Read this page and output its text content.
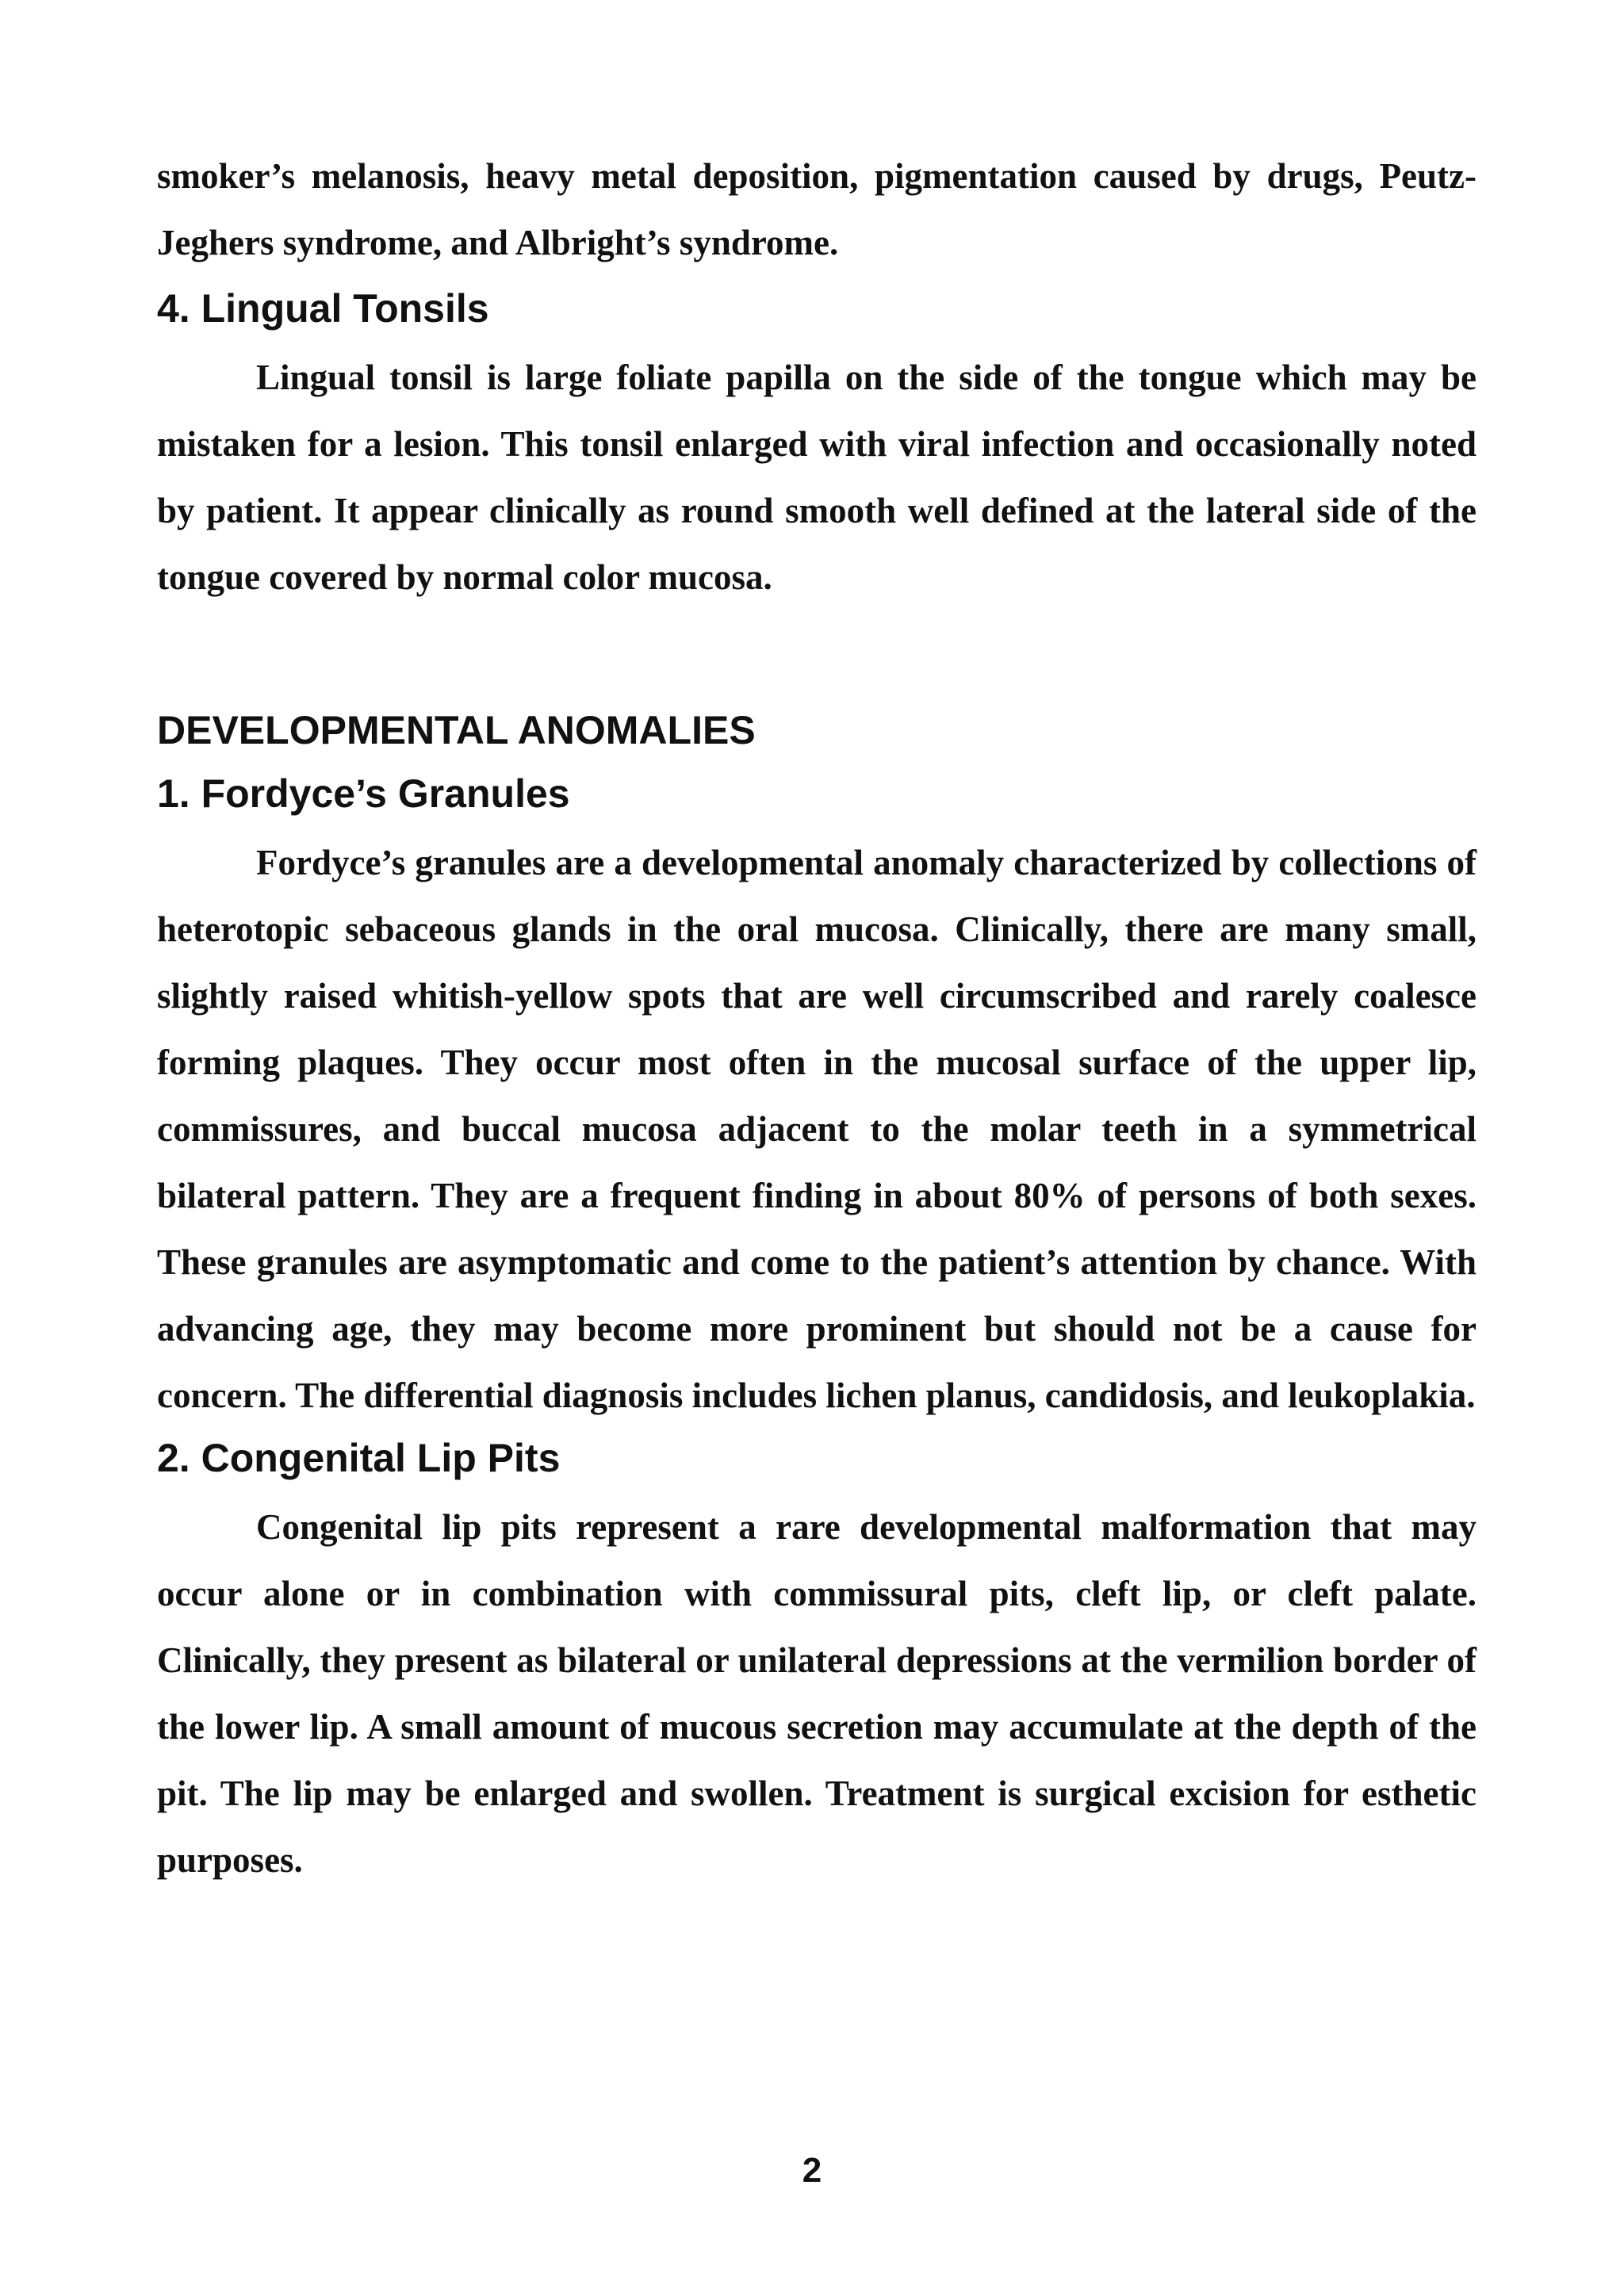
smoker’s melanosis, heavy metal deposition, pigmentation caused by drugs, Peutz-Jeghers syndrome, and Albright’s syndrome.

4. Lingual Tonsils

Lingual tonsil is large foliate papilla on the side of the tongue which may be mistaken for a lesion. This tonsil enlarged with viral infection and occasionally noted by patient. It appear clinically as round smooth well defined at the lateral side of the tongue covered by normal color mucosa.

DEVELOPMENTAL ANOMALIES
1. Fordyce’s Granules

Fordyce’s granules are a developmental anomaly characterized by collections of heterotopic sebaceous glands in the oral mucosa. Clinically, there are many small, slightly raised whitish-yellow spots that are well circumscribed and rarely coalesce forming plaques. They occur most often in the mucosal surface of the upper lip, commissures, and buccal mucosa adjacent to the molar teeth in a symmetrical bilateral pattern. They are a frequent finding in about 80% of persons of both sexes. These granules are asymptomatic and come to the patient’s attention by chance. With advancing age, they may become more prominent but should not be a cause for concern. The differential diagnosis includes lichen planus, candidosis, and leukoplakia.

2. Congenital Lip Pits

Congenital lip pits represent a rare developmental malformation that may occur alone or in combination with commissural pits, cleft lip, or cleft palate. Clinically, they present as bilateral or unilateral depressions at the vermilion border of the lower lip. A small amount of mucous secretion may accumulate at the depth of the pit. The lip may be enlarged and swollen. Treatment is surgical excision for esthetic purposes.

2
